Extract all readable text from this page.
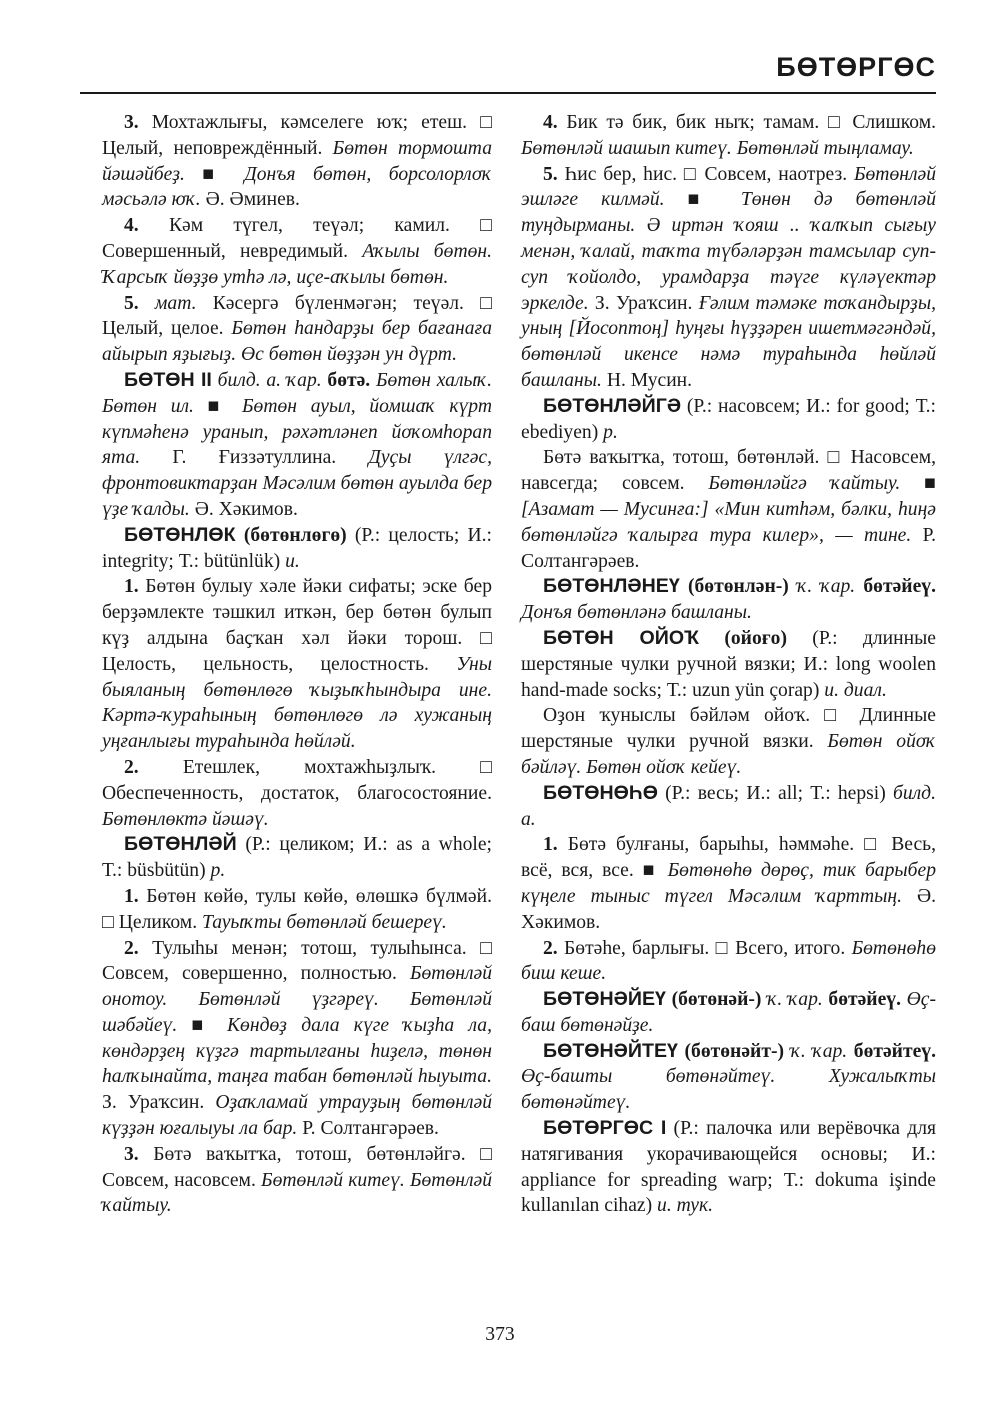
БӨТӨРГӨС

3. Мохтажлығы, кәмселеге юҡ; етеш. □ Целый, неповреждённый. Бөтөн тормошта йәшәйбеҙ. ■ Донъя бөтөн, борсолорлоҡ мәсьәлә юҡ. Ә. Әминев.

4. Кәм түгел, теүәл; камил. □ Совершенный, невредимый. Аҡылы бөтөн. Ҡарсыҡ йөҙҙө утһә лә, иҫе-аҡылы бөтөн.

5. мат. Кәсергә бүленмәгән; теүәл. □ Целый, целое. Бөтөн һандарҙы бер бағанаға айырып яҙығыҙ. Өс бөтөн йөҙҙән ун дүрт.

БӨТӨН II билд. а. ҡар. бөтә. Бөтөн халыҡ. Бөтөн ил. ■ Бөтөн ауыл, йомшаҡ күрт күпмәһенә уранып, рәхәтләнеп йоҡомһорап ята. Г. Ғиззәтуллина. Дуҫы үлгәс, фронтовиктарҙан Мәсәлим бөтөн ауылда бер үҙе ҡалды. Ә. Хәкимов.

БӨТӨНЛӨК (бөтөнлөгө) (Р.: целость; И.: integrity; Т.: bütünlük) и.

1. Бөтөн булыу хәле йәки сифаты; эске бер берҙәмлекте тәшкил иткән, бер бөтөн булып күҙ алдына баҫҡан хәл йәки торош. □ Целость, цельность, целостность. Уны быяланың бөтөнлөгө ҡыҙыҡһындыра ине. Кәртә-ҡураһының бөтөнлөгө лә хужаның уңғанлығы тураһында һөйләй.

2. Етешлек, мохтажһыҙлыҡ. □ Обеспеченность, достаток, благосостояние. Бөтөнлөктә йәшәү.

БӨТӨНЛӘЙ (Р.: целиком; И.: as a whole; Т.: büsbütün) р.

1. Бөтөн көйө, тулы көйө, өлөшкә бүлмәй. □ Целиком. Тауыҡты бөтөнләй бешереү.

2. Тулыһы менән; тотош, тулыһынса. □ Совсем, совершенно, полностью. Бөтөнләй онотоу. Бөтөнләй үҙгәреү. Бөтөнләй шәбәйеү. ■ Көндөҙ дала күге ҡыҙһа ла, көндәрҙең күҙгә тартылғаны һиҙелә, төнөн һалҡынайта, таңға табан бөтөнләй һыуыта. З. Ураҡсин. Оҙаҡламай утрауҙың бөтөнләй күҙҙән юғалыуы ла бар. Р. Солтангәрәев.

3. Бөтә ваҡытҡа, тотош, бөтөнләйгә. □ Совсем, насовсем. Бөтөнләй китеү. Бөтөнләй ҡайтыу.

4. Бик тә бик, бик ныҡ; тамам. □ Слишком. Бөтөнләй шашып китеү. Бөтөнләй тыңламау.

5. Һис бер, һис. □ Совсем, наотрез. Бөтөнләй эшләге килмәй. ■ Төнөн дә бөтөнләй туңдырманы. Ә иртән ҡояш .. ҡалҡып сығыу менән, ҡалай, таҡта түбәләрҙән тамсылар суп-суп ҡойолдо, урамдарҙа тәүге күләүектәр эркелде. З. Ураҡсин. Ғәлим тәмәке тоҡандырҙы, уның [Йосоптоң] һуңғы һүҙҙәрен ишетмәгәндәй, бөтөнләй икенсе нәмә тураһында һөйләй башланы. Н. Мусин.

БӨТӨНЛӘЙГӘ (Р.: насовсем; И.: for good; Т.: ebediyen) р.

Бөтә ваҡытҡа, тотош, бөтөнләй. □ Насовсем, навсегда; совсем. Бөтөнләйгә ҡайтыу. ■ [Азамат — Мусинға:] «Мин китһәм, бәлки, һиңә бөтөнләйгә ҡалырға тура килер», — тине. Р. Солтангәрәев.

БӨТӨНЛӘНЕҮ (бөтөнлән-) ҡ. ҡар. бөтәйеү. Донъя бөтөнләнә башланы.

БӨТӨН ОЙОҠ (ойоғо) (Р.: длинные шерстяные чулки ручной вязки; И.: long woolen hand-made socks; Т.: uzun yün çorap) и. диал.

Оҙон ҡуныслы бәйләм ойоҡ. □ Длинные шерстяные чулки ручной вязки. Бөтөн ойоҡ бәйләү. Бөтөн ойоҡ кейеү.

БӨТӨНӨҺӨ (Р.: весь; И.: all; Т.: hepsi) билд. а.

1. Бөтә булғаны, барыһы, һәммәһе. □ Весь, всё, вся, все. ■ Бөтөнөһө дөрөҫ, тик барыбер күңеле тыныс түгел Мәсәлим ҡарттың. Ә. Хәкимов.

2. Бөтәһе, барлығы. □ Всего, итого. Бөтөнөһө биш кеше.

БӨТӨНӘЙЕҮ (бөтөнәй-) ҡ. ҡар. бөтәйеү. Өҫ-баш бөтөнәйҙе.

БӨТӨНӘЙТЕҮ (бөтөнәйт-) ҡ. ҡар. бөтәйтеү. Өҫ-башты бөтөнәйтеү. Хужалыҡты бөтөнәйтеү.

БӨТӨРГӨС I (Р.: палочка или верёвочка для натягивания укорачивающейся основы; И.: appliance for spreading warp; Т.: dokuma işinde kullanılan cihaz) и. тук.

373
